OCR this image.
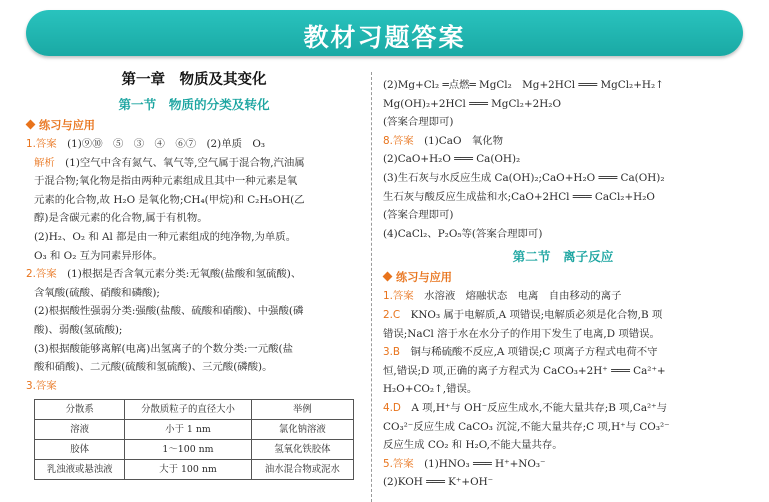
教材习题答案
第一章　物质及其变化
第一节　物质的分类及转化
练习与应用

1.答案　(1)⑨⑩　⑤　③　④　⑥⑦　(2)单质　O₃

解析　(1)空气中含有氮气、氧气等,空气属于混合物,汽油属

于混合物;氧化物是指由两种元素组成且其中一种元素是氧

元素的化合物,故 H₂O 是氧化物;CH₄(甲烷)和 C₂H₅OH(乙

醇)是含碳元素的化合物,属于有机物。

(2)H₂、O₂ 和 Al 都是由一种元素组成的纯净物,为单质。

O₃ 和 O₂ 互为同素异形体。

2.答案　(1)根据是否含氧元素分类:无氧酸(盐酸和氢硫酸)、

含氧酸(硫酸、硝酸和磷酸);

(2)根据酸性强弱分类:强酸(盐酸、硫酸和硝酸)、中强酸(磷

酸)、弱酸(氢硫酸);

(3)根据酸能够离解(电离)出氢离子的个数分类:一元酸(盐

酸和硝酸)、二元酸(硫酸和氢硫酸)、三元酸(磷酸)。

3.答案

分散系	分散质粒子的直径大小	举例
溶液	小于 1 nm	氯化钠溶液
胶体	1～100 nm	氢氧化铁胶体
乳浊液或悬浊液	大于 100 nm	油水混合物或泥水

(2)Mg+Cl₂ ═点燃═ MgCl₂　Mg+2HCl ═══ MgCl₂+H₂↑

Mg(OH)₂+2HCl ═══ MgCl₂+2H₂O

(答案合理即可)

8.答案　(1)CaO　氧化物

(2)CaO+H₂O ═══ Ca(OH)₂

(3)生石灰与水反应生成 Ca(OH)₂;CaO+H₂O ═══ Ca(OH)₂

生石灰与酸反应生成盐和水;CaO+2HCl ═══ CaCl₂+H₂O

(答案合理即可)

(4)CaCl₂、P₂O₅等(答案合理即可)

第二节　离子反应
练习与应用

1.答案　水溶液　熔融状态　电离　自由移动的离子

2.C　KNO₃ 属于电解质,A 项错误;电解质必须是化合物,B 项

错误;NaCl 溶于水在水分子的作用下发生了电离,D 项错误。

3.B　铜与稀硫酸不反应,A 项错误;C 项离子方程式电荷不守

恒,错误;D 项,正确的离子方程式为 CaCO₃+2H⁺ ═══ Ca²⁺+

H₂O+CO₂↑,错误。

4.D　A 项,H⁺与 OH⁻反应生成水,不能大量共存;B 项,Ca²⁺与

CO₃²⁻反应生成 CaCO₃ 沉淀,不能大量共存;C 项,H⁺与 CO₃²⁻

反应生成 CO₂ 和 H₂O,不能大量共存。

5.答案　(1)HNO₃ ═══ H⁺+NO₃⁻

(2)KOH ═══ K⁺+OH⁻
